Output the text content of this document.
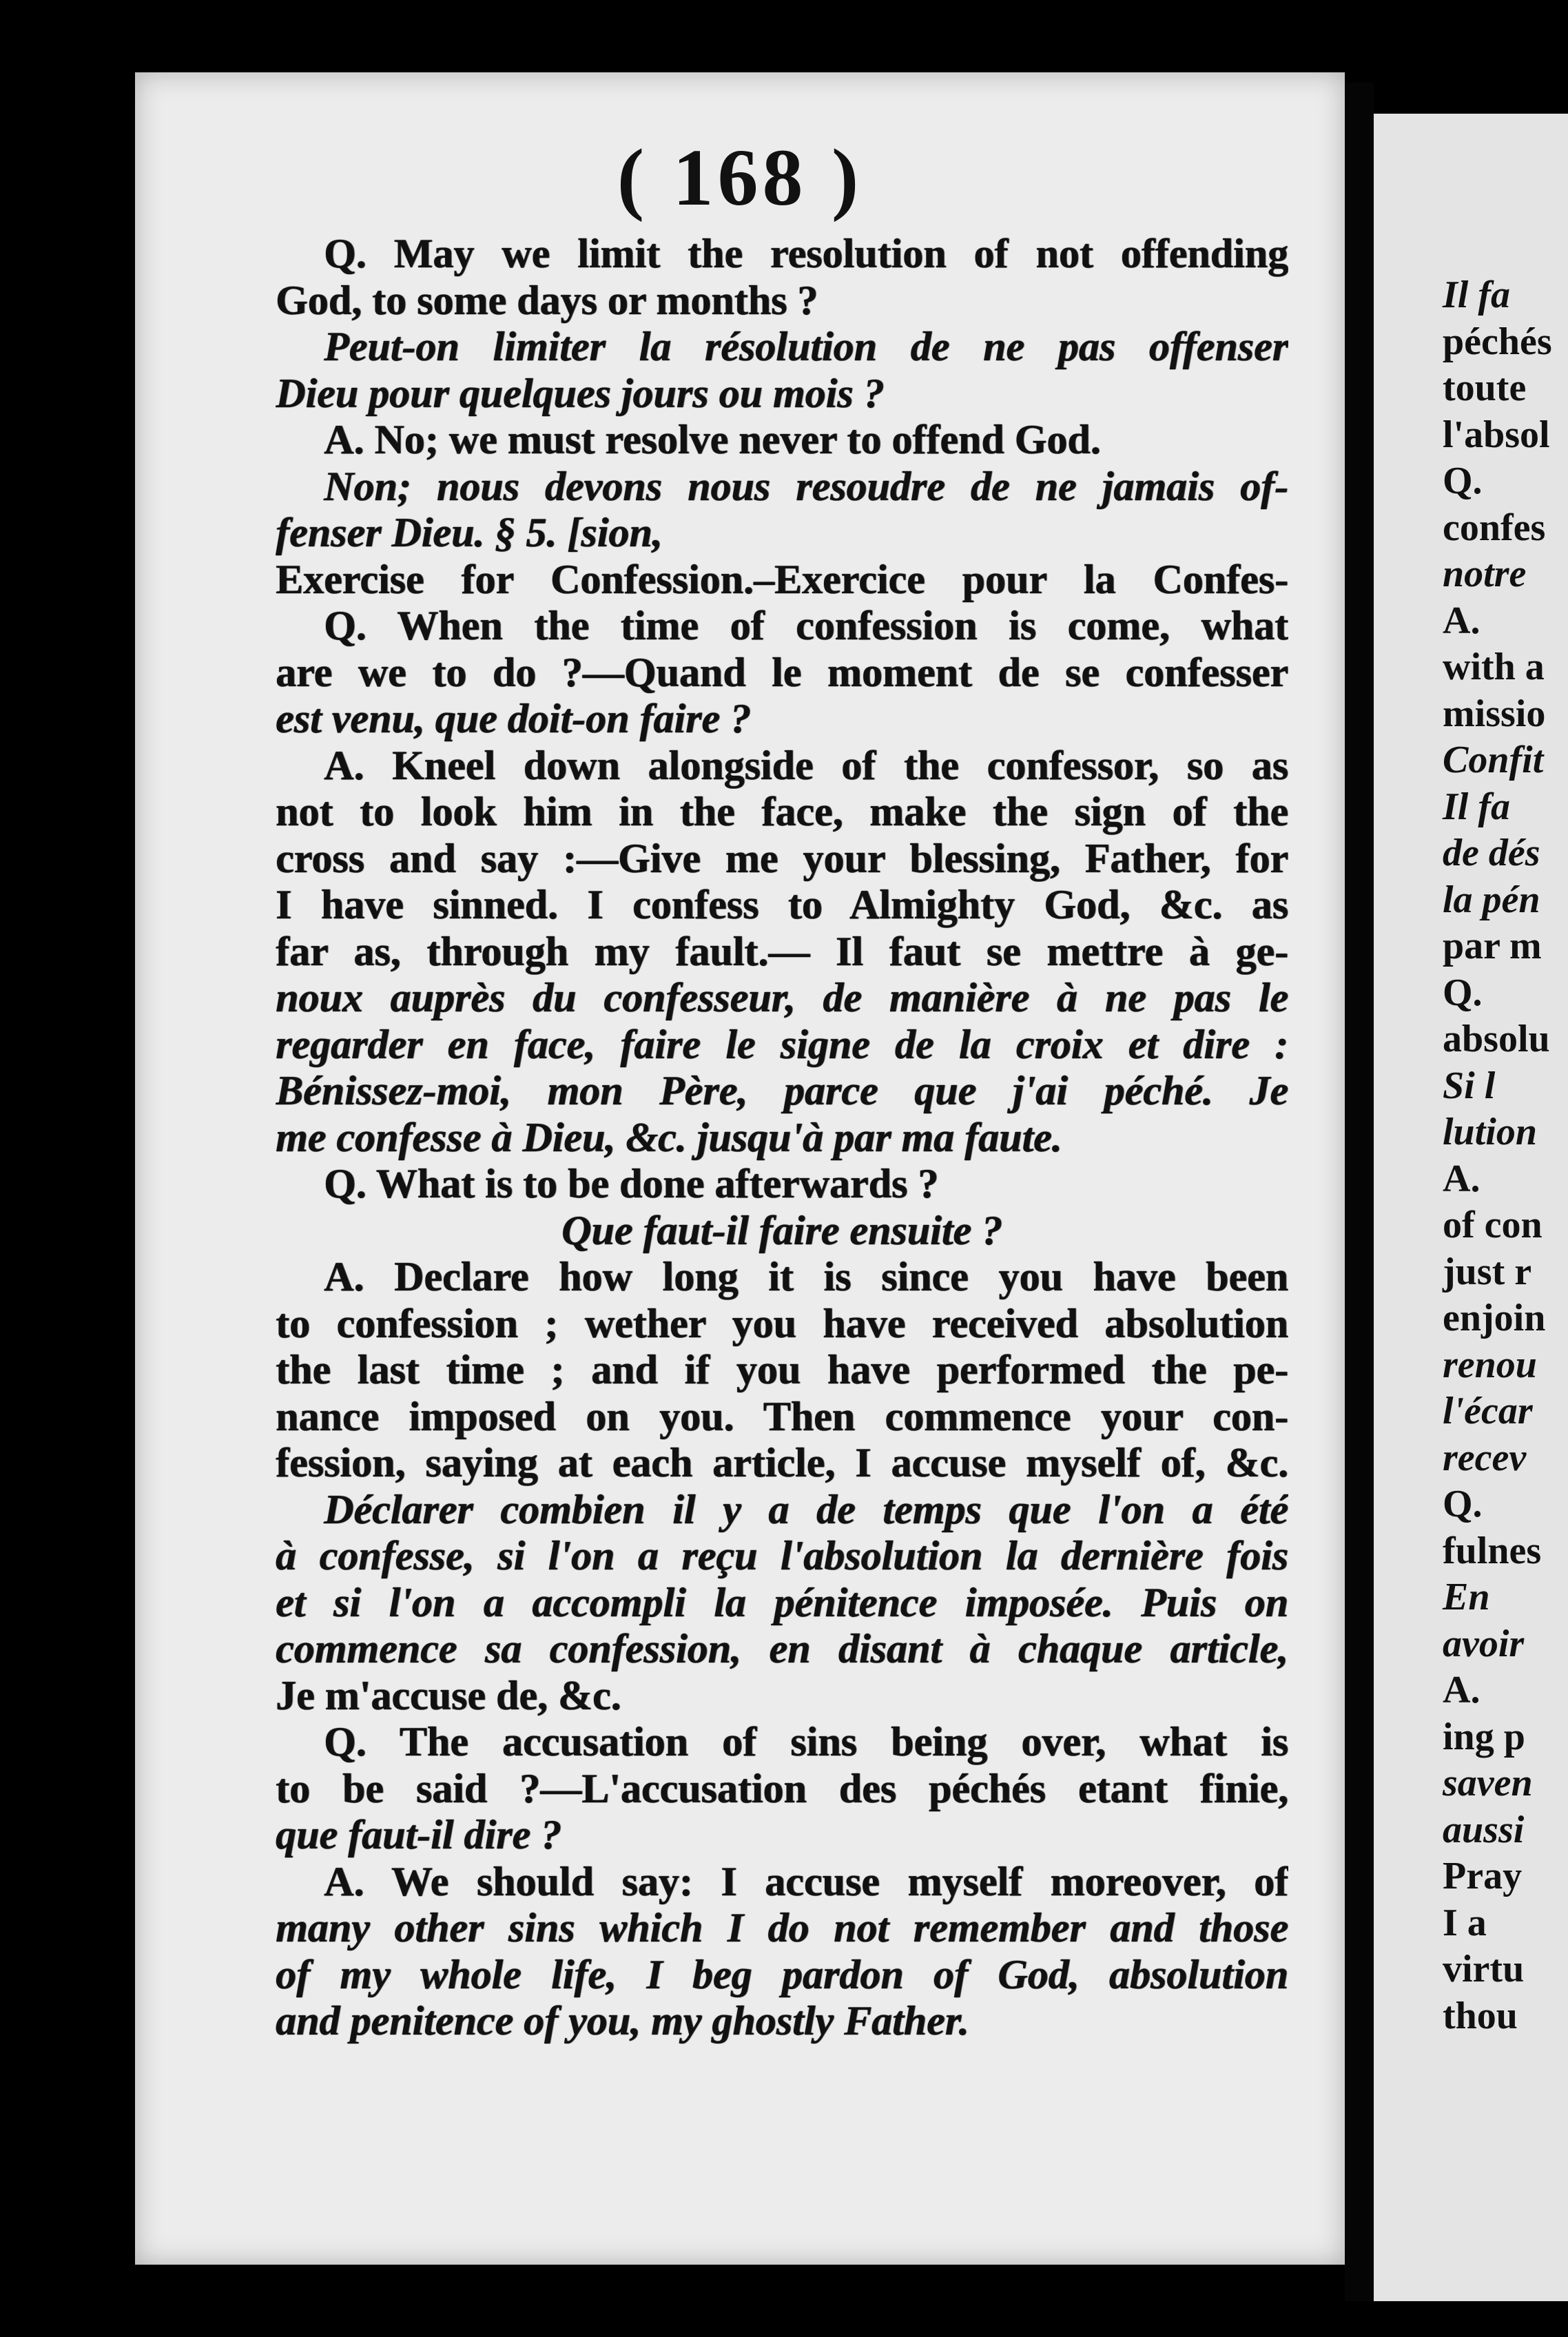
Il fa
péchés
toute
l'absol
Q.
confes
notre
A.
with a
missio
Confit
Il fa
de dés
la pén
par m
Q.
absolu
Si l
lution
A.
of con
just r
enjoin
renou
l'écar
recev
Q.
fulnes
En
avoir
A.
ing p
saven
aussi
Pray
I a
virtu
thou
( 168 )
Q. May we limit the resolution of not offending
God, to some days or months ?
Peut-on limiter la résolution de ne pas offenser
Dieu pour quelques jours ou mois ?
A. No; we must resolve never to offend God.
Non; nous devons nous resoudre de ne jamais of-
fenser Dieu. § 5. [sion,
Exercise for Confession.–Exercice pour la Confes-
Q. When the time of confession is come, what
are we to do ?—Quand le moment de se confesser
est venu, que doit-on faire ?
A. Kneel down alongside of the confessor, so as
not to look him in the face, make the sign of the
cross and say :—Give me your blessing, Father, for
I have sinned. I confess to Almighty God, &c. as
far as, through my fault.— Il faut se mettre à ge-
noux auprès du confesseur, de manière à ne pas le
regarder en face, faire le signe de la croix et dire :
Bénissez-moi, mon Père, parce que j'ai péché. Je
me confesse à Dieu, &c. jusqu'à par ma faute.
Q. What is to be done afterwards ?
Que faut-il faire ensuite ?
A. Declare how long it is since you have been
to confession ; wether you have received absolution
the last time ; and if you have performed the pe-
nance imposed on you. Then commence your con-
fession, saying at each article, I accuse myself of, &c.
Déclarer combien il y a de temps que l'on a été
à confesse, si l'on a reçu l'absolution la dernière fois
et si l'on a accompli la pénitence imposée. Puis on
commence sa confession, en disant à chaque article,
Je m'accuse de, &c.
Q. The accusation of sins being over, what is
to be said ?—L'accusation des péchés etant finie,
que faut-il dire ?
A. We should say: I accuse myself moreover, of
many other sins which I do not remember and those
of my whole life, I beg pardon of God, absolution
and penitence of you, my ghostly Father.
